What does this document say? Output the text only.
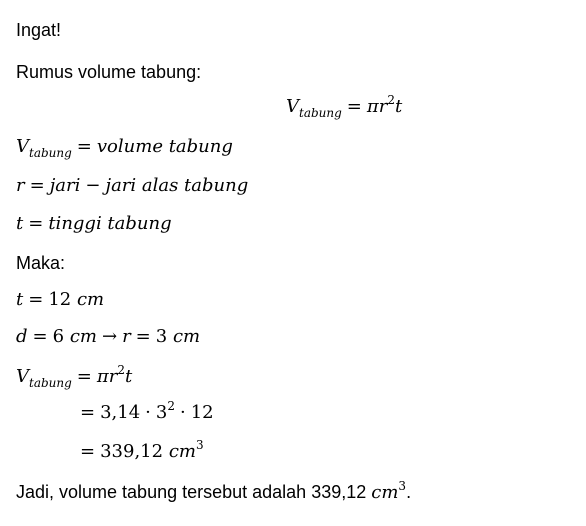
Ingat!
Rumus volume tabung:
$V_{tabung} = \pi r^2t$
$V_{tabung}$ = volume tabung
r = jari − jari alas tabung
t = tinggi tabung
Maka:
t = 12 cm
d = 6 cm → r = 3 cm
$V_{tabung} = \pi r^2t$
= $3,14 \cdot 3^2 \cdot 12$
= 339,12 $cm^3$
Jadi, volume tabung tersebut adalah 339,12 $cm^3$.
